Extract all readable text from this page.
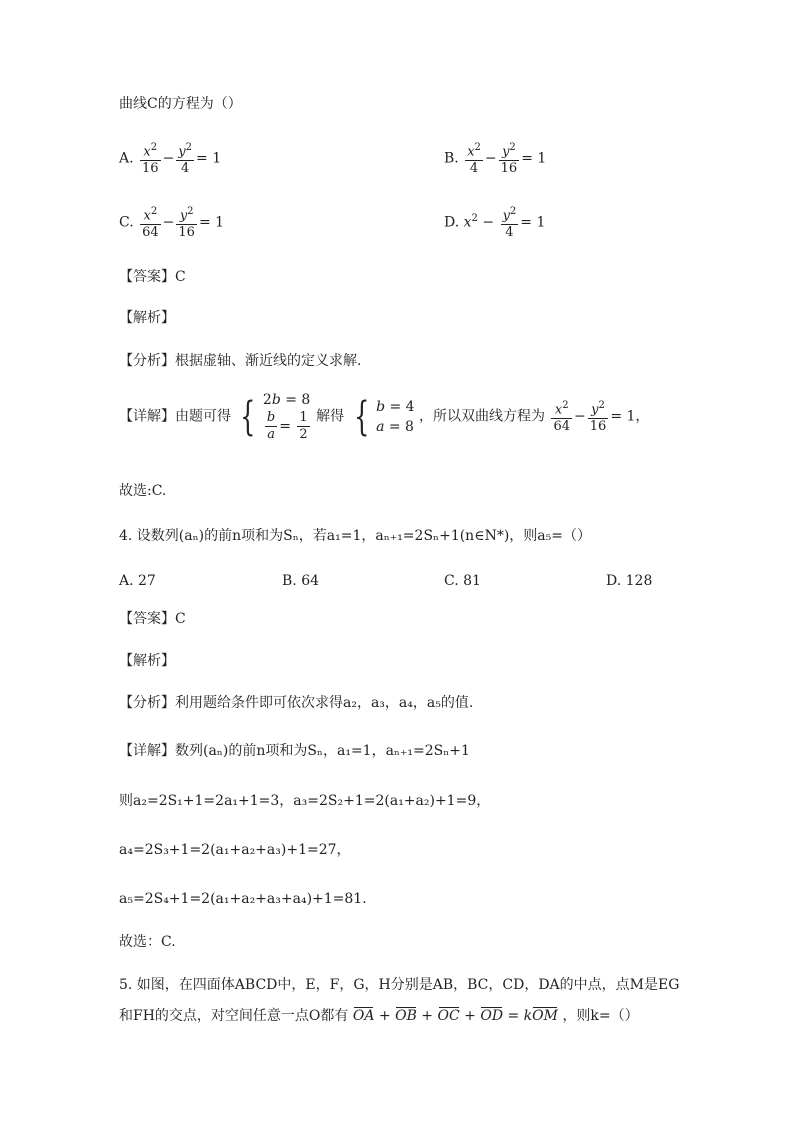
曲线C的方程为（）
A. $\frac{x^2}{16} - \frac{y^2}{4} = 1$	B. $\frac{x^2}{4} - \frac{y^2}{16} = 1$
C. $\frac{x^2}{64} - \frac{y^2}{16} = 1$	D. $x^2 - \frac{y^2}{4} = 1$
【答案】C
【解析】
【分析】根据虚轴、渐近线的定义求解.
【详解】由题可得 { 2b = 8
$\frac{b}{a} = \frac{1}{2}$ 解得 { b = 4
a = 8
，所以双曲线方程为 $\frac{x^2}{64} - \frac{y^2}{16} = 1$，
故选:C.
4. 设数列(aₙ)的前n项和为Sₙ，若a₁=1，aₙ₊₁=2Sₙ+1(n∈N*)，则a₅=（）
A. 27	B. 64	C. 81	D. 128
【答案】C
【解析】
【分析】利用题给条件即可依次求得a₂，a₃，a₄，a₅的值.
【详解】数列(aₙ)的前n项和为Sₙ，a₁=1，aₙ₊₁=2Sₙ+1
则a₂=2S₁+1=2a₁+1=3，a₃=2S₂+1=2(a₁+a₂)+1=9，
a₄=2S₃+1=2(a₁+a₂+a₃)+1=27，
a₅=2S₄+1=2(a₁+a₂+a₃+a₄)+1=81.
故选：C.
5. 如图，在四面体ABCD中，E，F，G，H分别是AB，BC，CD，DA的中点，点M是EG
和FH的交点，对空间任意一点O都有 OA + OB + OC + OD = kOM ，则k=（）
